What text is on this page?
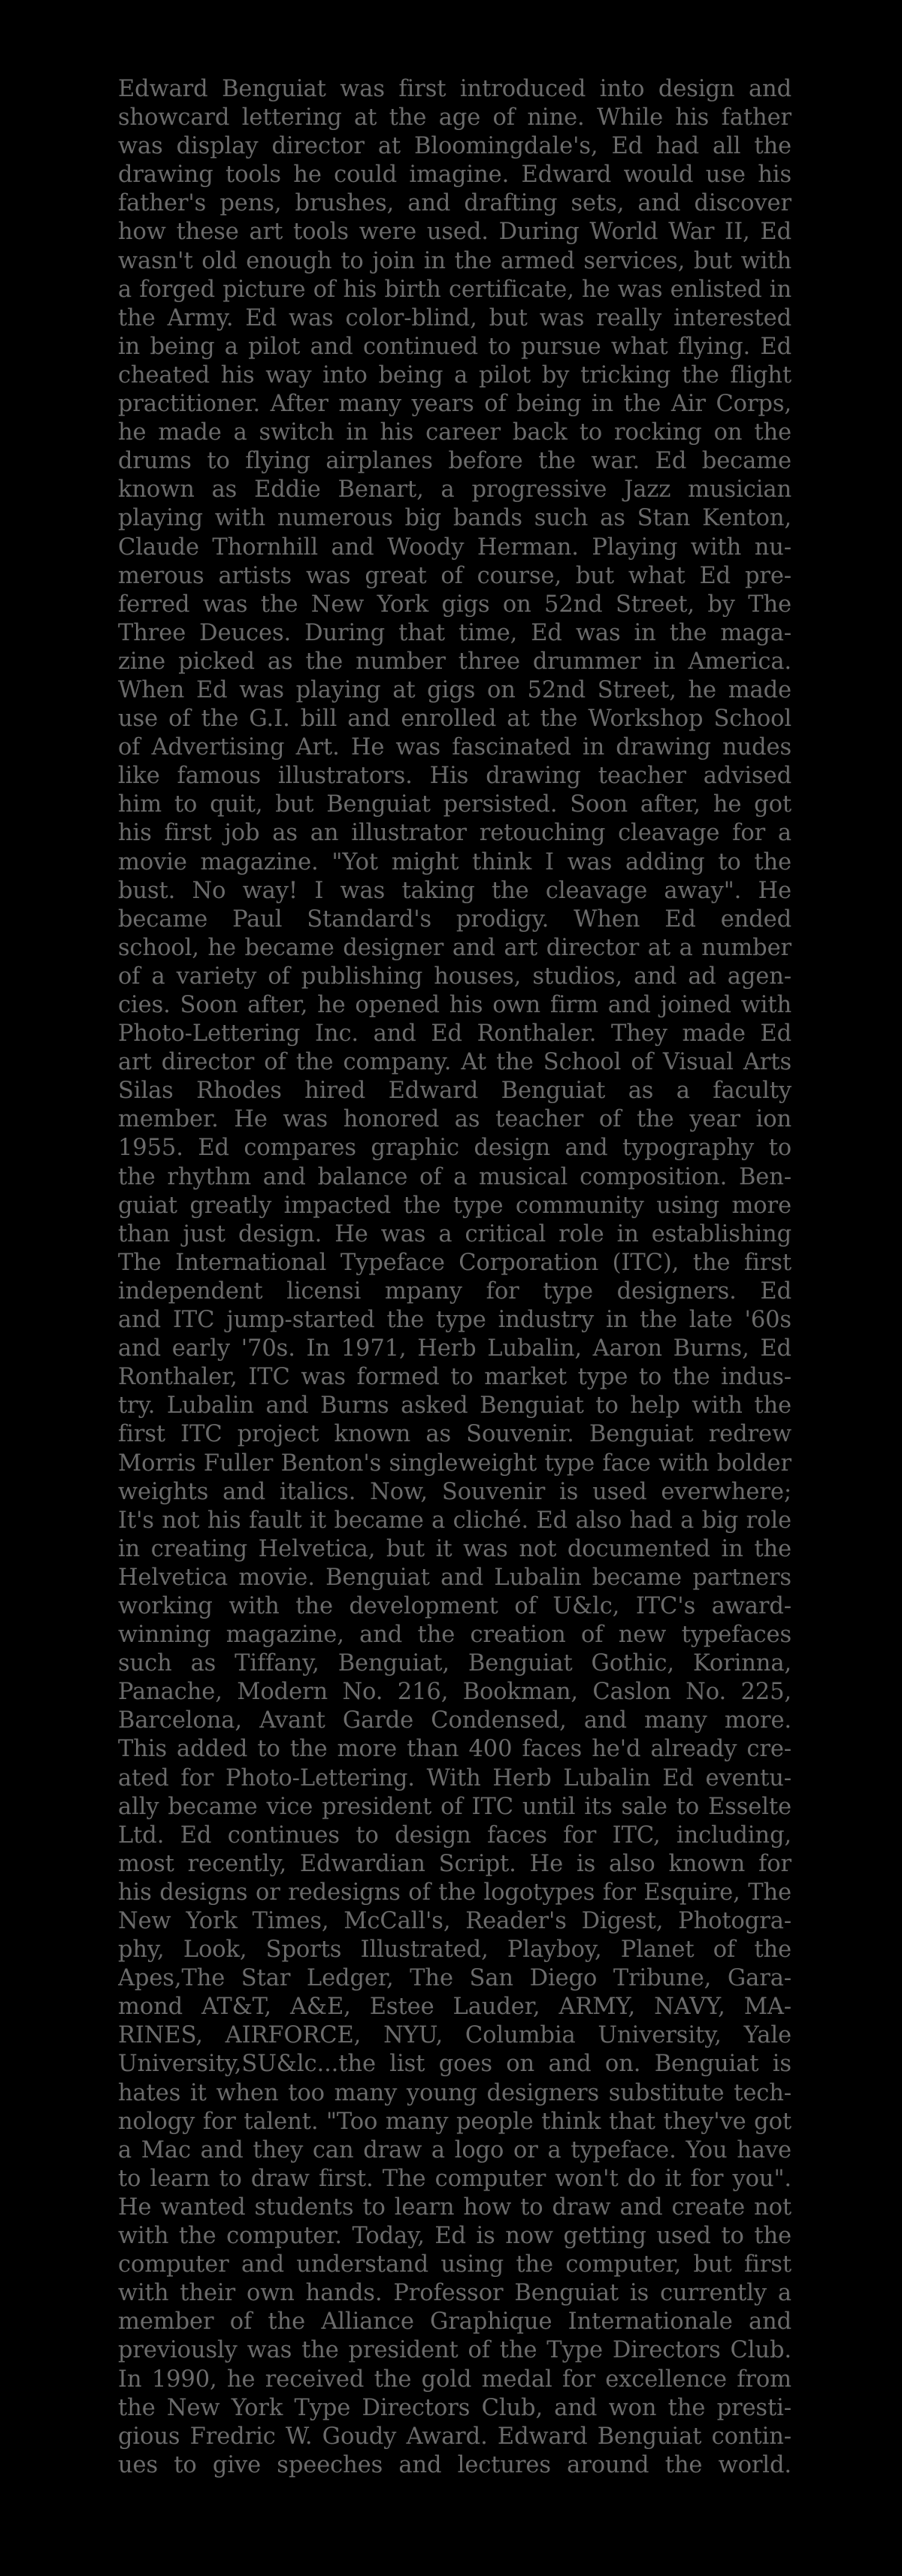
Edward Benguiat was first introduced into design and
showcard lettering at the age of nine. While his father
was display director at Bloomingdale's, Ed had all the
drawing tools he could imagine. Edward would use his
father's pens, brushes, and drafting sets, and discover
how these art tools were used. During World War II, Ed
wasn't old enough to join in the armed services, but with
a forged picture of his birth certificate, he was enlisted in
the Army. Ed was color-blind, but was really interested
in being a pilot and continued to pursue what flying. Ed
cheated his way into being a pilot by tricking the flight
practitioner. After many years of being in the Air Corps,
he made a switch in his career back to rocking on the
drums to flying airplanes before the war. Ed became
known as Eddie Benart, a progressive Jazz musician
playing with numerous big bands such as Stan Kenton,
Claude Thornhill and Woody Herman. Playing with nu-
merous artists was great of course, but what Ed pre-
ferred was the New York gigs on 52nd Street, by The
Three Deuces. During that time, Ed was in the maga-
zine picked as the number three drummer in America.
When Ed was playing at gigs on 52nd Street, he made
use of the G.I. bill and enrolled at the Workshop School
of Advertising Art. He was fascinated in drawing nudes
like famous illustrators. His drawing teacher advised
him to quit, but Benguiat persisted. Soon after, he got
his first job as an illustrator retouching cleavage for a
movie magazine. "Yot might think I was adding to the
bust. No way! I was taking the cleavage away". He
became Paul Standard's prodigy. When Ed ended
school, he became designer and art director at a number
of a variety of publishing houses, studios, and ad agen-
cies. Soon after, he opened his own firm and joined with
Photo-Lettering Inc. and Ed Ronthaler. They made Ed
art director of the company. At the School of Visual Arts
Silas Rhodes hired Edward Benguiat as a faculty
member. He was honored as teacher of the year ion
1955. Ed compares graphic design and typography to
the rhythm and balance of a musical composition. Ben-
guiat greatly impacted the type community using more
than just design. He was a critical role in establishing
The International Typeface Corporation (ITC), the first
independent licensi mpany for type designers. Ed
and ITC jump-started the type industry in the late '60s
and early '70s. In 1971, Herb Lubalin, Aaron Burns, Ed
Ronthaler, ITC was formed to market type to the indus-
try. Lubalin and Burns asked Benguiat to help with the
first ITC project known as Souvenir. Benguiat redrew
Morris Fuller Benton's singleweight type face with bolder
weights and italics. Now, Souvenir is used everwhere;
It's not his fault it became a cliché. Ed also had a big role
in creating Helvetica, but it was not documented in the
Helvetica movie. Benguiat and Lubalin became partners
working with the development of U&lc, ITC's award-
winning magazine, and the creation of new typefaces
such as Tiffany, Benguiat, Benguiat Gothic, Korinna,
Panache, Modern No. 216, Bookman, Caslon No. 225,
Barcelona, Avant Garde Condensed, and many more.
This added to the more than 400 faces he'd already cre-
ated for Photo-Lettering. With Herb Lubalin Ed eventu-
ally became vice president of ITC until its sale to Esselte
Ltd. Ed continues to design faces for ITC, including,
most recently, Edwardian Script. He is also known for
his designs or redesigns of the logotypes for Esquire, The
New York Times, McCall's, Reader's Digest, Photogra-
phy, Look, Sports Illustrated, Playboy, Planet of the
Apes,The Star Ledger, The San Diego Tribune, Gara-
mond AT&T, A&E, Estee Lauder, ARMY, NAVY, MA-
RINES, AIRFORCE, NYU, Columbia University, Yale
University,SU&lc...the list goes on and on. Benguiat is
hates it when too many young designers substitute tech-
nology for talent. "Too many people think that they've got
a Mac and they can draw a logo or a typeface. You have
to learn to draw first. The computer won't do it for you".
He wanted students to learn how to draw and create not
with the computer. Today, Ed is now getting used to the
computer and understand using the computer, but first
with their own hands. Professor Benguiat is currently a
member of the Alliance Graphique Internationale and
previously was the president of the Type Directors Club.
In 1990, he received the gold medal for excellence from
the New York Type Directors Club, and won the presti-
gious Fredric W. Goudy Award. Edward Benguiat contin-
ues to give speeches and lectures around the world.
